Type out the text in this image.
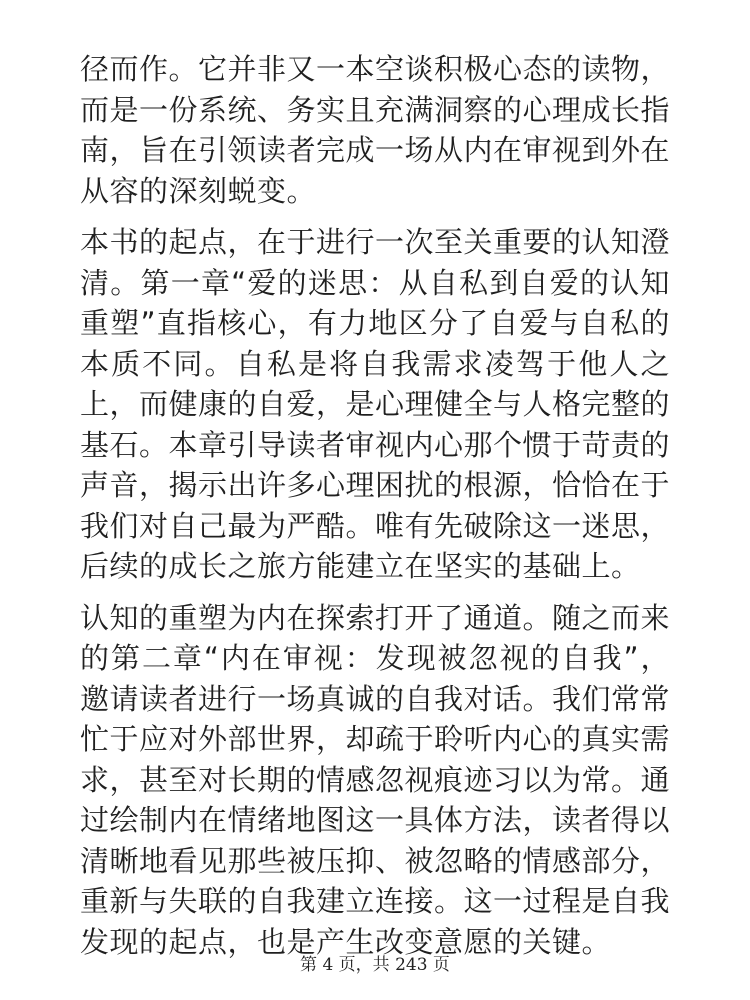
径而作。它并非又一本空谈积极心态的读物，而是一份系统、务实且充满洞察的心理成长指南，旨在引领读者完成一场从内在审视到外在从容的深刻蜕变。

本书的起点，在于进行一次至关重要的认知澄清。第一章“爱的迷思：从自私到自爱的认知重塑”直指核心，有力地区分了自爱与自私的本质不同。自私是将自我需求凌驾于他人之上，而健康的自爱，是心理健全与人格完整的基石。本章引导读者审视内心那个惯于苛责的声音，揭示出许多心理困扰的根源，恰恰在于我们对自己最为严酷。唯有先破除这一迷思，后续的成长之旅方能建立在坚实的基础上。

认知的重塑为内在探索打开了通道。随之而来的第二章“内在审视：发现被忽视的自我”，邀请读者进行一场真诚的自我对话。我们常常忙于应对外部世界，却疏于聆听内心的真实需求，甚至对长期的情感忽视痕迹习以为常。通过绘制内在情绪地图这一具体方法，读者得以清晰地看见那些被压抑、被忽略的情感部分，重新与失联的自我建立连接。这一过程是自我发现的起点，也是产生改变意愿的关键。

第 4 页，共 243 页
